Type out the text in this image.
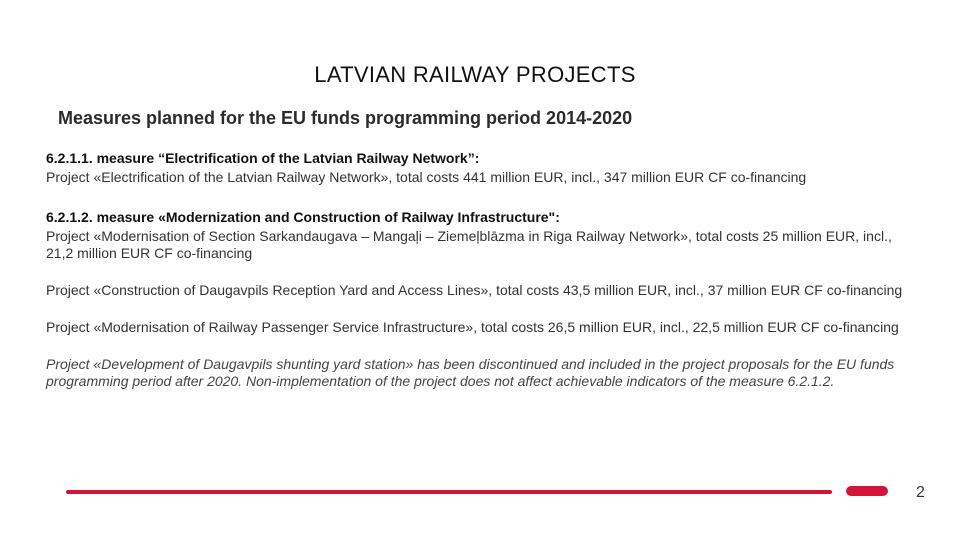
LATVIAN RAILWAY PROJECTS
Measures planned for the EU funds programming period 2014-2020
6.2.1.1. measure “Electrification of the Latvian Railway Network”:
Project «Electrification of the Latvian Railway Network», total costs 441 million EUR, incl., 347 million EUR CF co-financing
6.2.1.2. measure «Modernization and Construction of Railway Infrastructure":
Project «Modernisation of Section Sarkandaugava – Mangaļi – Ziemeļblāzma in Riga Railway Network», total costs 25 million EUR, incl., 21,2 million EUR CF co-financing
Project «Construction of Daugavpils Reception Yard and Access Lines», total costs 43,5 million EUR, incl., 37 million EUR CF co-financing
Project «Modernisation of Railway Passenger Service Infrastructure», total costs 26,5 million EUR, incl., 22,5 million EUR CF co-financing
Project «Development of Daugavpils shunting yard station» has been discontinued and included in the project proposals for the EU funds programming period after 2020. Non-implementation of the project does not affect achievable indicators of the measure 6.2.1.2.
2
